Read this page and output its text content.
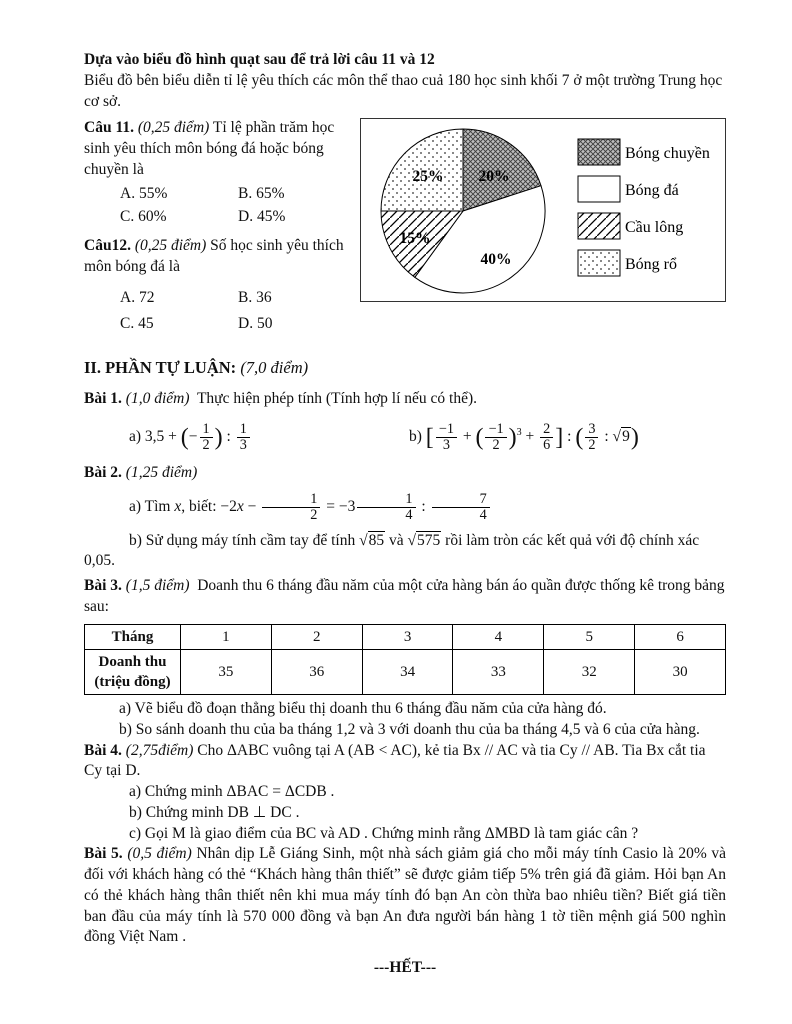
Dựa vào biểu đồ hình quạt sau để trả lời câu 11 và 12

Biểu đồ bên biểu diễn tỉ lệ yêu thích các môn thể thao cuả 180 học sinh khối 7 ở một trường Trung học cơ sở.

Câu 11. (0,25 điểm) Tỉ lệ phần trăm học sinh yêu thích môn bóng đá hoặc bóng chuyền là

A. 55%	B. 65%
C. 60%	D. 45%

Câu12. (0,25 điểm) Số học sinh yêu thích môn bóng đá là

A. 72	B. 36
C. 45	D. 50
20%
40%
15%
25%
Bóng chuyền
Bóng đá
Cầu lông
Bóng rổ

II. PHẦN TỰ LUẬN: (7,0 điểm)

Bài 1. (1,0 điểm) Thực hiện phép tính (Tính hợp lí nếu có thể).

a) 3,5 + (− $\frac{1}{2}$ ) : $\frac{1}{3}$	b) [ $\frac{-1}{3}$ + ( $\frac{-1}{2} )^3 + \frac{2}{6}$ ] : ( $\frac{3}{2}$ : √9)

Bài 2. (1,25 điểm)

a) Tìm x, biết: $-2x - \frac{1}{2} = -3 \frac{1}{4}$ : $\frac{7}{4}$

b) Sử dụng máy tính cầm tay để tính √85 và √575 rồi làm tròn các kết quả với độ chính xác 0,05.

Bài 3. (1,5 điểm) Doanh thu 6 tháng đầu năm của một cửa hàng bán áo quần được thống kê trong bảng sau:

Tháng	1	2	3	4	5	6
Doanh thu (triệu đồng)	35	36	34	33	32	30

a) Vẽ biểu đồ đoạn thẳng biểu thị doanh thu 6 tháng đầu năm của cửa hàng đó.

b) So sánh doanh thu của ba tháng 1,2 và 3 với doanh thu của ba tháng 4,5 và 6 của cửa hàng.

Bài 4. (2,75điểm) Cho ΔABC vuông tại A (AB < AC), kẻ tia Bx // AC và tia Cy // AB. Tia Bx cắt tia Cy tại D.

a) Chứng minh ΔBAC = ΔCDB .

b) Chứng minh DB ⊥ DC .

c) Gọi M là giao điểm của BC và AD . Chứng minh rằng ΔMBD là tam giác cân ?

Bài 5. (0,5 điểm) Nhân dịp Lễ Giáng Sinh, một nhà sách giảm giá cho mỗi máy tính Casio là 20% và đối với khách hàng có thẻ “Khách hàng thân thiết” sẽ được giảm tiếp 5% trên giá đã giảm. Hỏi bạn An có thẻ khách hàng thân thiết nên khi mua máy tính đó bạn An còn thừa bao nhiêu tiền? Biết giá tiền ban đầu của máy tính là 570 000 đồng và bạn An đưa người bán hàng 1 tờ tiền mệnh giá 500 nghìn đồng Việt Nam .

---HẾT---
